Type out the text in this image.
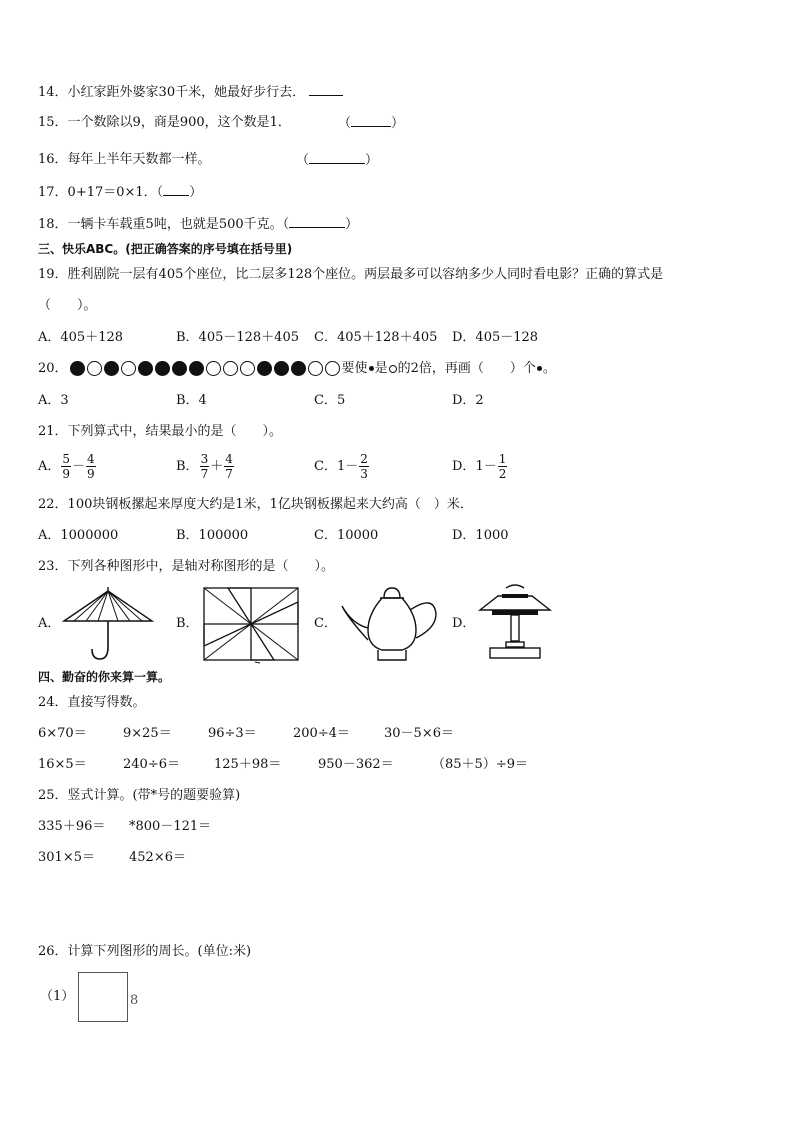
14．小红家距外婆家30千米，她最好步行去．
15．一个数除以9，商是900，这个数是1．	（	）
16．每年上半年天数都一样。	（	）
17．0+17＝0×1．（ ）
18．一辆卡车载重5吨，也就是500千克。（	）
三、快乐ABC。(把正确答案的序号填在括号里)
19．胜利剧院一层有405个座位，比二层多128个座位。两层最多可以容纳多少人同时看电影？正确的算式是
（　　）。
A．405＋128	B．405－128＋405 C．405＋128＋405 D．405－128
20．	要使 是 的2倍，再画（　　）个 。
A．3	B．4	C．5	D．2
21．下列算式中，结果最小的是（　　）。
A． $\frac{5}{9} - \frac{4}{9}$	B． $\frac{3}{7} + \frac{4}{7}$	C．$1- \frac{2}{3}$	D．$1- \frac{1}{2}$
22．100块钢板摞起来厚度大约是1米，1亿块钢板摞起来大约高（　）米．
A．1000000	B．100000	C．10000	D．1000
23．下列各种图形中，是轴对称图形的是（　　）。
A．	B．	C．	D．
四、勤奋的你来算一算。
24．直接写得数。
6×70＝	9×25＝	96÷3＝	200÷4＝	30－5×6＝
16×5＝	240÷6＝	125＋98＝	950－362＝	（85＋5）÷9＝
25．竖式计算。(带*号的题要验算)
335＋96＝ *800－121＝
301×5＝	452×6＝
26．计算下列图形的周长。(单位:米)
（1）	8
